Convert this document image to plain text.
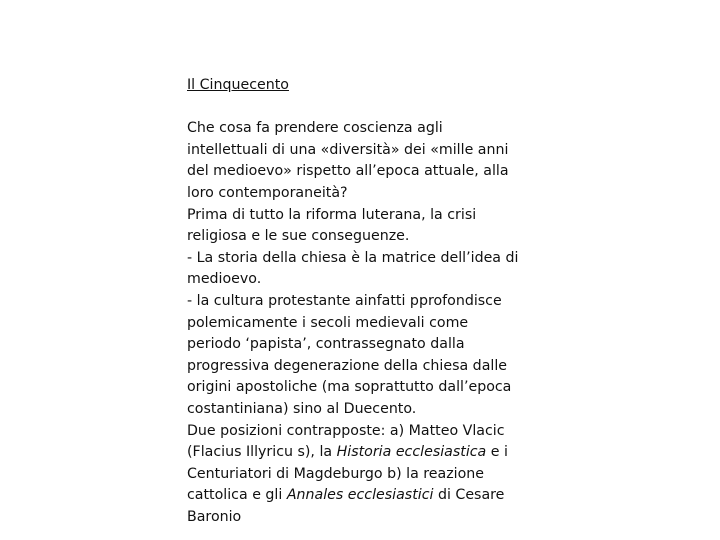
Il Cinquecento

Che cosa fa prendere coscienza agli

intellettuali di una «diversità» dei «mille anni

del medioevo» rispetto all’epoca attuale, alla

loro contemporaneità?

Prima di tutto la riforma luterana, la crisi

religiosa e le sue conseguenze.

- La storia della chiesa è la matrice dell’idea di

medioevo.

- la cultura protestante ainfatti pprofondisce

polemicamente i secoli medievali come

periodo ‘papista’, contrassegnato dalla

progressiva degenerazione della chiesa dalle

origini apostoliche (ma soprattutto dall’epoca

costantiniana) sino al Duecento.

Due posizioni contrapposte: a) Matteo Vlacic

(Flacius Illyricu s), la Historia ecclesiastica e i

Centuriatori di Magdeburgo b) la reazione

cattolica e gli Annales ecclesiastici di Cesare

Baronio
